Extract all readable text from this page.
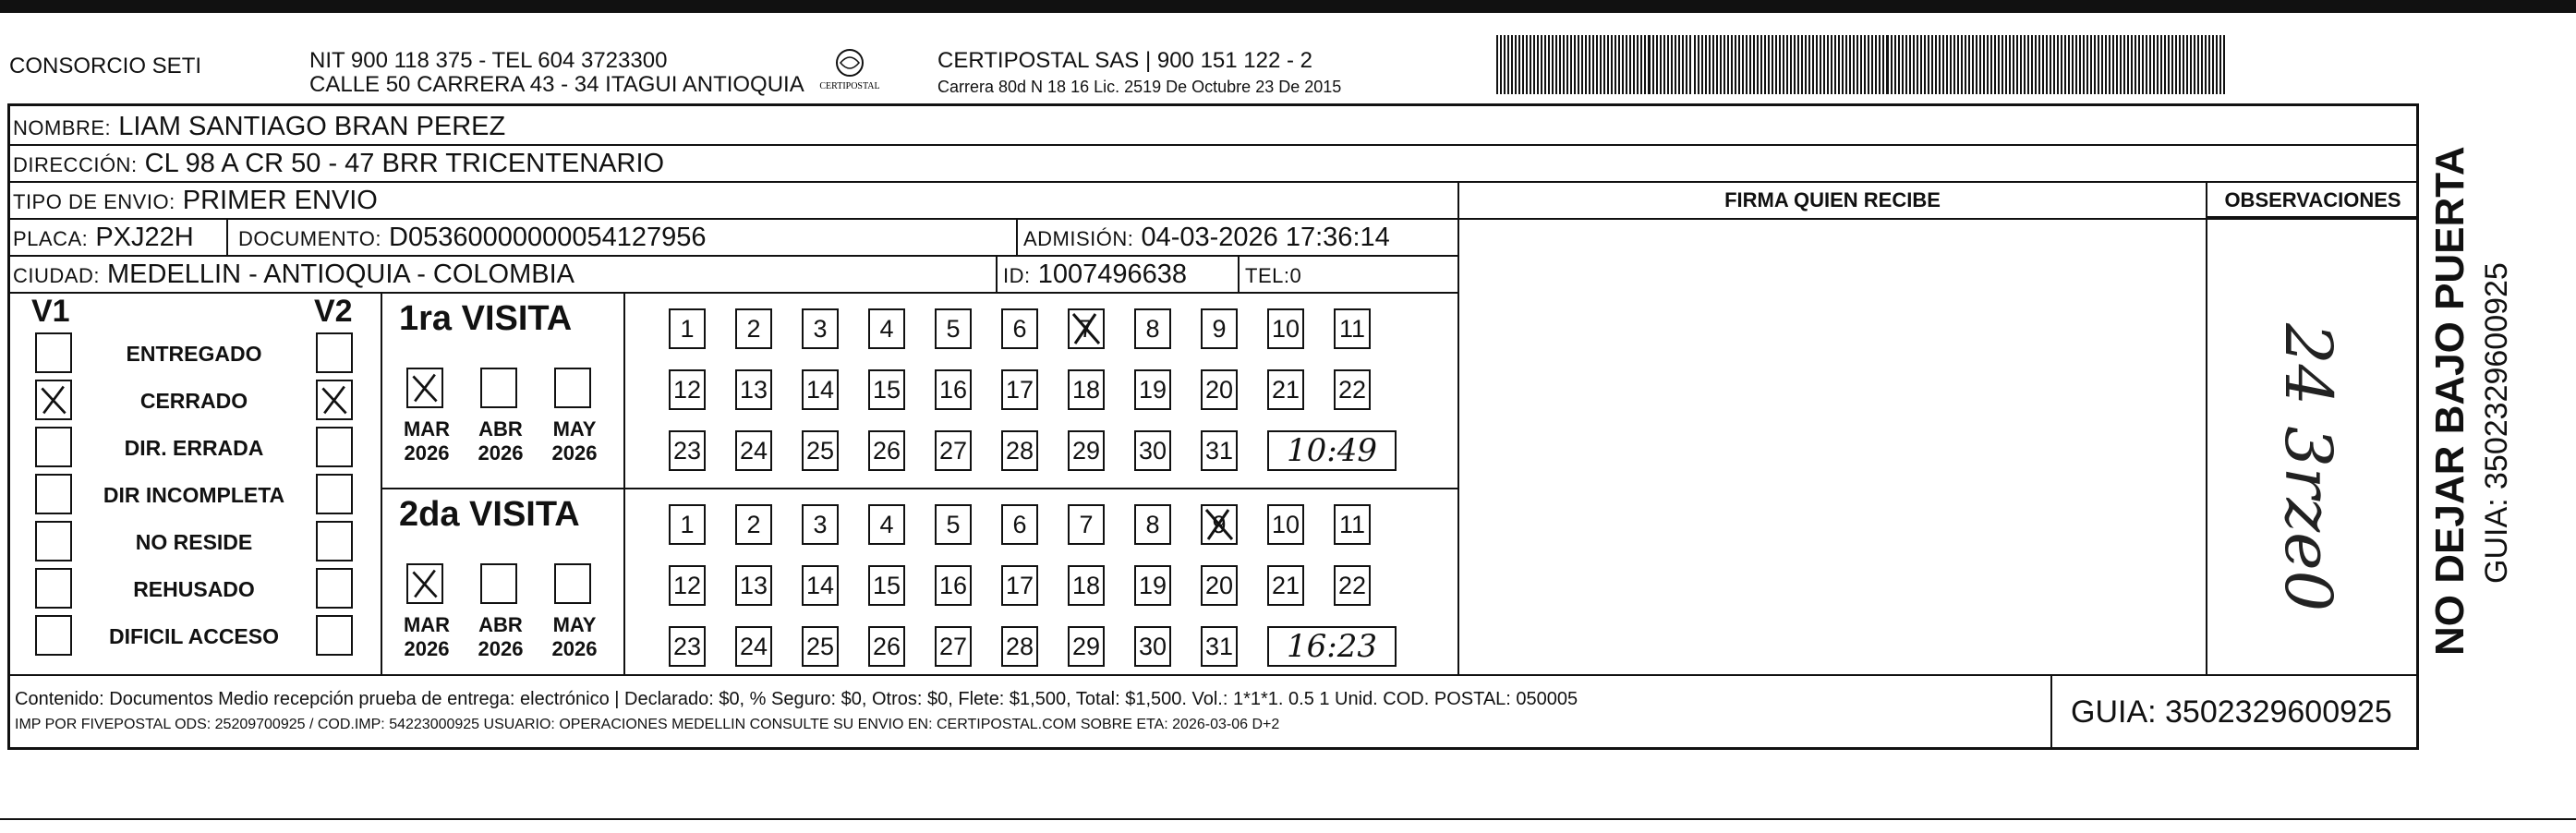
CONSORCIO SETI	NIT 900 118 375 - TEL 604 3723300
CALLE 50 CARRERA 43 - 34 ITAGUI ANTIOQUIA CERTIPOSTAL
CERTIPOSTAL SAS | 900 151 122 - 2
Carrera 80d N 18 16 Lic. 2519 De Octubre 23 De 2015
NOMBRE: LIAM SANTIAGO BRAN PEREZ
DIRECCIÓN: CL 98 A CR 50 - 47 BRR TRICENTENARIO
TIPO DE ENVIO: PRIMER ENVIO
PLACA: PXJ22H DOCUMENTO: D05360000000054127956	ADMISIÓN: 04-03-2026 17:36:14
CIUDAD: MEDELLIN - ANTIOQUIA - COLOMBIA	ID: 1007496638	TEL:0
FIRMA QUIEN RECIBE	OBSERVACIONES
24 3rze0
V1	V2
ENTREGADO
CERRADO
DIR. ERRADA
DIR INCOMPLETA
NO RESIDE
REHUSADO
DIFICIL ACCESO
1ra VISITA
MAR
2026
ABR
2026
MAY
2026
1	2	3	4	5	6	7	8	9	10 11
12 13 14 15 16 17 18 19 20 21 22
23 24 25 26 27 28 29 30 31	10:49
2da VISITA
MAR
2026
ABR
2026
MAY
2026
1	2	3	4	5	6	7	8	9	10 11
12 13 14 15 16 17 18 19 20 21 22
23 24 25 26 27 28 29 30 31	16:23
Contenido: Documentos Medio recepción prueba de entrega: electrónico | Declarado: $0, % Seguro: $0, Otros: $0, Flete: $1,500, Total: $1,500. Vol.: 1*1*1. 0.5 1 Unid. COD. POSTAL: 050005
IMP POR FIVEPOSTAL ODS: 25209700925 / COD.IMP: 54223000925 USUARIO: OPERACIONES MEDELLIN CONSULTE SU ENVIO EN: CERTIPOSTAL.COM SOBRE ETA: 2026-03-06 D+2	GUIA: 3502329600925
NO DEJAR BAJO PUERTA GUIA: 3502329600925
